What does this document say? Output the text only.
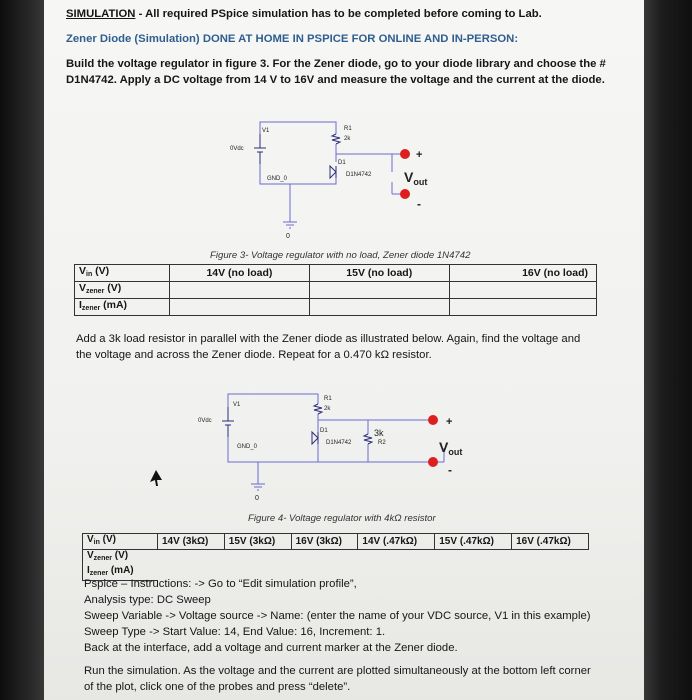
SIMULATION - All required PSpice simulation has to be completed before coming to Lab.
Zener Diode (Simulation) DONE AT HOME IN PSPICE FOR ONLINE AND IN-PERSON:
Build the voltage regulator in figure 3. For the Zener diode, go to your diode library and choose the #
D1N4742. Apply a DC voltage from 14 V to 16V and measure the voltage and the current at the diode.
V1
0Vdc
R1
2k
D1
D1N4742
GND_0
0
+
-
$V_{out}$
V1
0Vdc
R1
2k
D1
D1N4742
3k
R2
GND_0
0
+
-
$V_{out}$
Figure 3- Voltage regulator with no load, Zener diode 1N4742
$V_{in}$ (V)	14V (no load)	15V (no load)	16V (no load)
$V_{zener}$ (V)			
$I_{zener}$ (mA)			
Add a 3k load resistor in parallel with the Zener diode as illustrated below. Again, find the voltage and
the voltage and across the Zener diode. Repeat for a 0.470 kΩ resistor.
Figure 4- Voltage regulator with 4kΩ resistor
$V_{in}$ (V)	14V (3kΩ)	15V (3kΩ)	16V (3kΩ)	14V (.47kΩ)	15V (.47kΩ)	16V (.47kΩ)
$V_{zener}$ (V)						
$I_{zener}$ (mA)						
Pspice – Instructions: -> Go to “Edit simulation profile”,
Analysis type: DC Sweep
Sweep Variable -> Voltage source -> Name: (enter the name of your VDC source, V1 in this example)
Sweep Type -> Start Value: 14, End Value: 16, Increment: 1.
Back at the interface, add a voltage and current marker at the Zener diode.
Run the simulation. As the voltage and the current are plotted simultaneously at the bottom left corner
of the plot, click one of the probes and press “delete”.
